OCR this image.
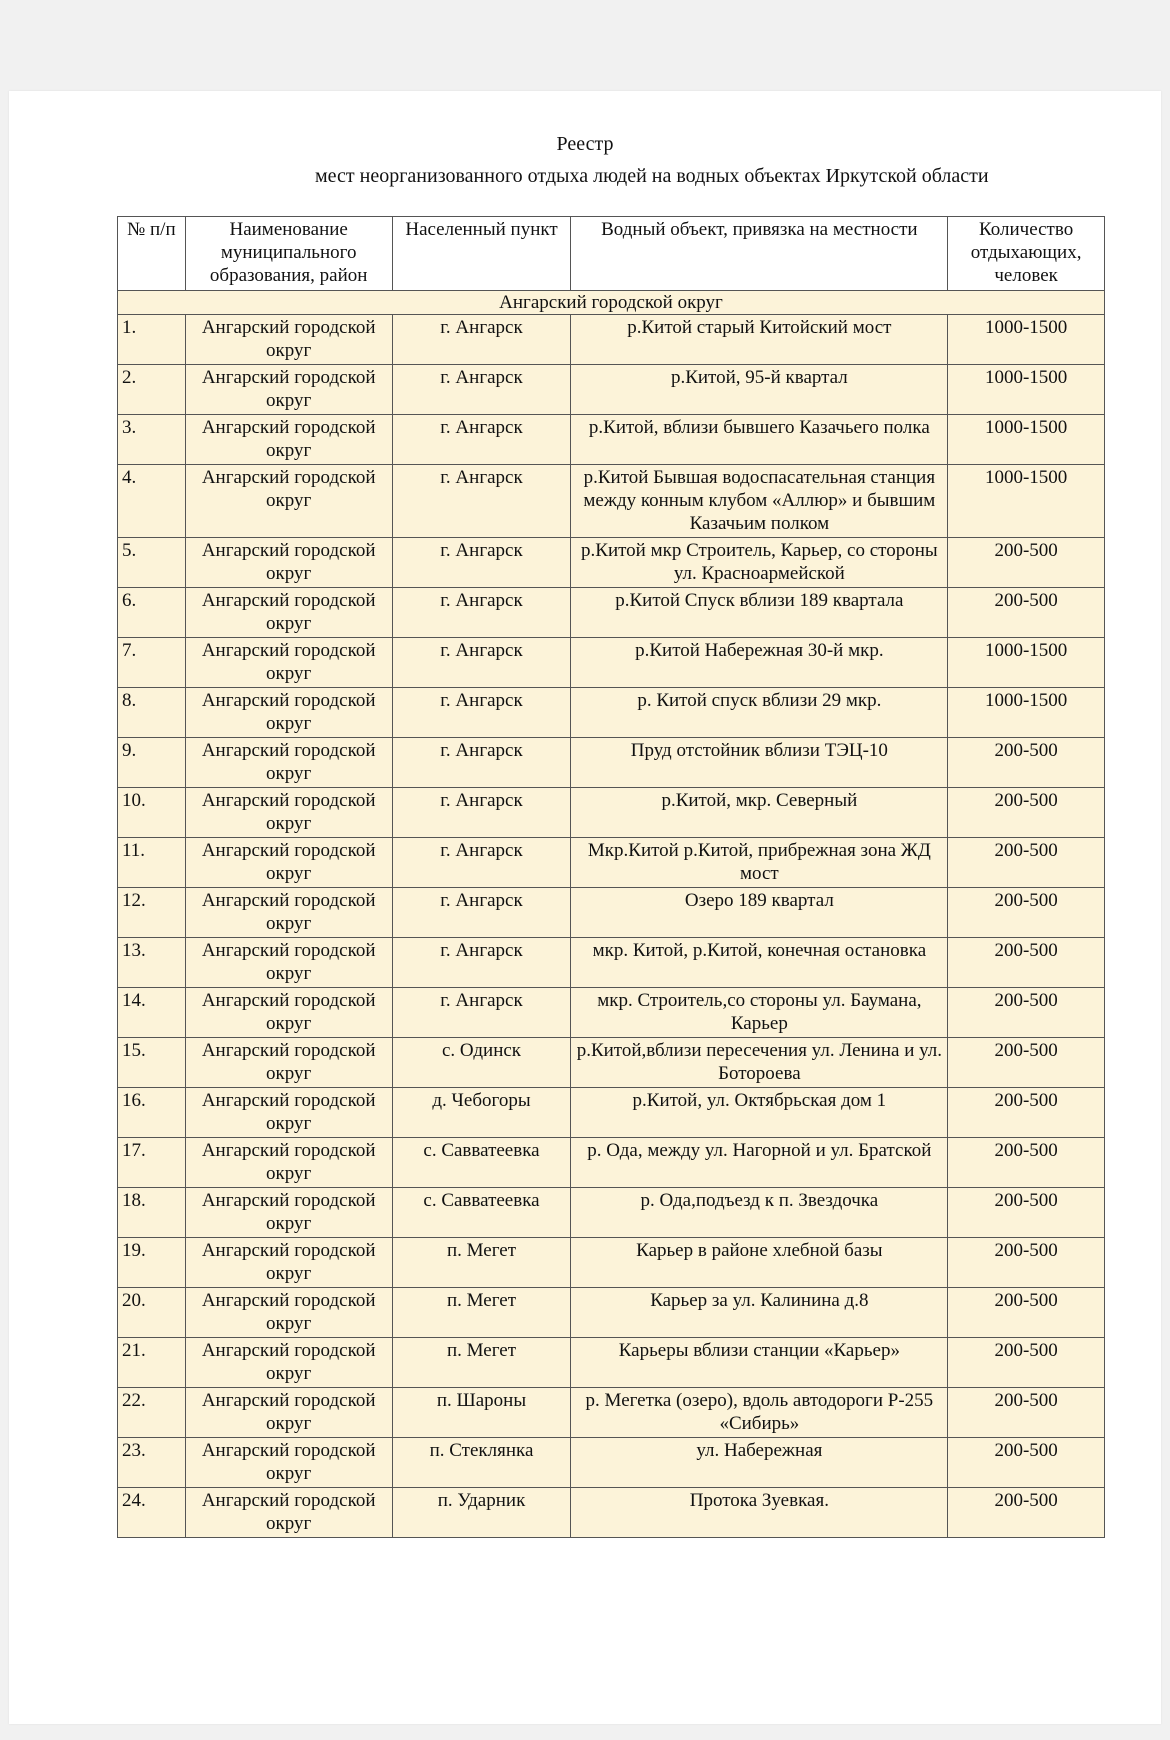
Реестр
мест неорганизованного отдыха людей на водных объектах Иркутской области
№ п/п	Наименование муниципального образования, район	Населенный пункт	Водный объект, привязка на местности	Количество отдыхающих, человек
Ангарский городской округ				
1.	Ангарский городской округ	г. Ангарск	р.Китой старый Китойский мост	1000-1500
2.	Ангарский городской округ	г. Ангарск	р.Китой, 95-й квартал	1000-1500
3.	Ангарский городской округ	г. Ангарск	р.Китой, вблизи бывшего Казачьего полка	1000-1500
4.	Ангарский городской округ	г. Ангарск	р.Китой Бывшая водоспасательная станция между конным клубом «Аллюр» и бывшим Казачьим полком	1000-1500
5.	Ангарский городской округ	г. Ангарск	р.Китой мкр Строитель, Карьер, со стороны ул. Красноармейской	200-500
6.	Ангарский городской округ	г. Ангарск	р.Китой Спуск вблизи 189 квартала	200-500
7.	Ангарский городской округ	г. Ангарск	р.Китой Набережная 30-й мкр.	1000-1500
8.	Ангарский городской округ	г. Ангарск	р. Китой спуск вблизи 29 мкр.	1000-1500
9.	Ангарский городской округ	г. Ангарск	Пруд отстойник вблизи ТЭЦ-10	200-500
10.	Ангарский городской округ	г. Ангарск	р.Китой, мкр. Северный	200-500
11.	Ангарский городской округ	г. Ангарск	Мкр.Китой р.Китой, прибрежная зона ЖД мост	200-500
12.	Ангарский городской округ	г. Ангарск	Озеро 189 квартал	200-500
13.	Ангарский городской округ	г. Ангарск	мкр. Китой, р.Китой, конечная остановка	200-500
14.	Ангарский городской округ	г. Ангарск	мкр. Строитель,со стороны ул. Баумана, Карьер	200-500
15.	Ангарский городской округ	с. Одинск	р.Китой,вблизи пересечения ул. Ленина и ул. Ботороева	200-500
16.	Ангарский городской округ	д. Чебогоры	р.Китой, ул. Октябрьская дом 1	200-500
17.	Ангарский городской округ	с. Савватеевка	р. Ода, между ул. Нагорной и ул. Братской	200-500
18.	Ангарский городской округ	с. Савватеевка	р. Ода,подъезд к п. Звездочка	200-500
19.	Ангарский городской округ	п. Мегет	Карьер в районе хлебной базы	200-500
20.	Ангарский городской округ	п. Мегет	Карьер за ул. Калинина д.8	200-500
21.	Ангарский городской округ	п. Мегет	Карьеры вблизи станции «Карьер»	200-500
22.	Ангарский городской округ	п. Шароны	р. Мегетка (озеро), вдоль автодороги Р-255 «Сибирь»	200-500
23.	Ангарский городской округ	п. Стеклянка	ул. Набережная	200-500
24.	Ангарский городской округ	п. Ударник	Протока Зуевкая.	200-500
